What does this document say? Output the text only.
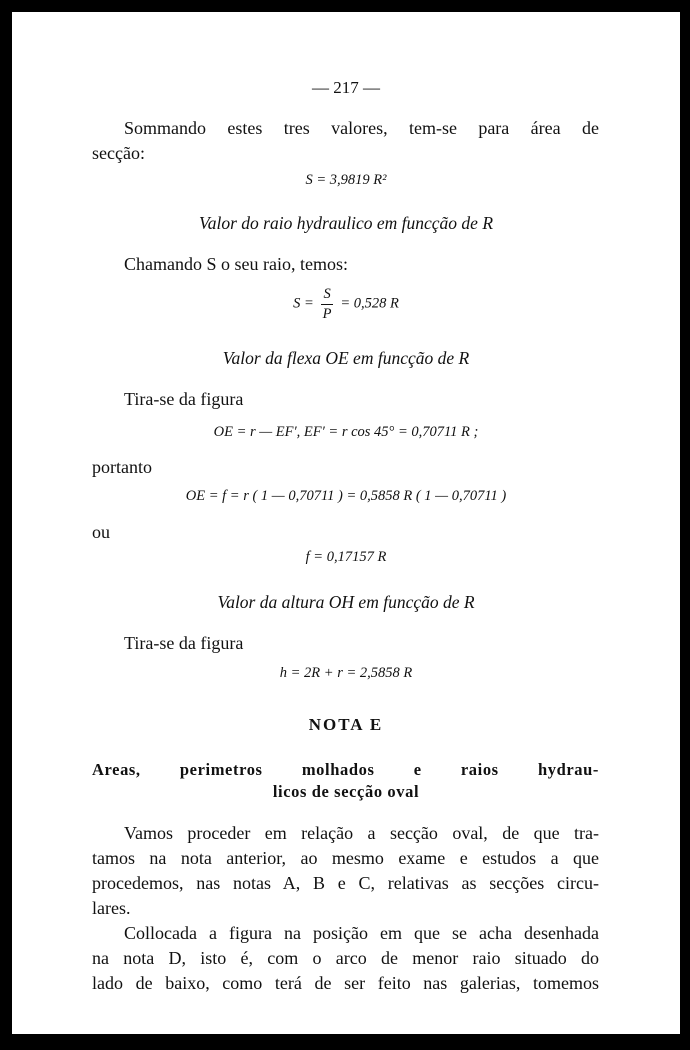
— 217 —
Sommando estes tres valores, tem-se para área de
secção:
S = 3,9819 R²
Valor do raio hydraulico em funcção de R
Chamando S o seu raio, temos:
$S = \frac{S}{P} = 0,528$ R
Valor da flexa OE em funcção de R
Tira-se da figura
OE = r — EF′, EF′ = r cos 45° = 0,70711 R ;
portanto
OE = f = r ( 1 — 0,70711 ) = 0,5858 R ( 1 — 0,70711 )
ou
f = 0,17157 R
Valor da altura OH em funcção de R
Tira-se da figura
h = 2R + r = 2,5858 R
NOTA E
Areas, perimetros molhados e raios hydrau-
licos de secção oval
Vamos proceder em relação a secção oval, de que tra-
tamos na nota anterior, ao mesmo exame e estudos a que
procedemos, nas notas A, B e C, relativas as secções circu-
lares.
Collocada a figura na posição em que se acha desenhada
na nota D, isto é, com o arco de menor raio situado do
lado de baixo, como terá de ser feito nas galerias, tomemos
